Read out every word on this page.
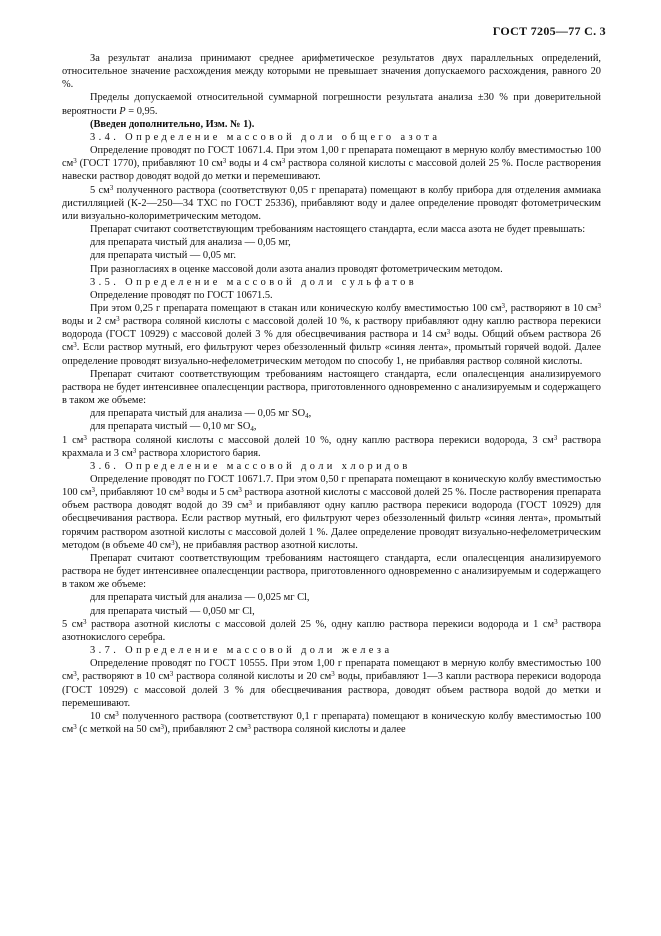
ГОСТ 7205—77 С. 3

За результат анализа принимают среднее арифметическое результатов двух параллельных определений, относительное значение расхождения между которыми не превышает значения допускаемого расхождения, равного 20 %.

Пределы допускаемой относительной суммарной погрешности результата анализа ±30 % при доверительной вероятности P = 0,95.

(Введен дополнительно, Изм. № 1).

3.4. Определение массовой доли общего азота

Определение проводят по ГОСТ 10671.4. При этом 1,00 г препарата помещают в мерную колбу вместимостью 100 $см^3$ (ГОСТ 1770), прибавляют 10 $см^3$ воды и 4 $см^3$ раствора соляной кислоты с массовой долей 25 %. После растворения навески раствор доводят водой до метки и перемешивают.

5 $см^3$ полученного раствора (соответствуют 0,05 г препарата) помещают в колбу прибора для отделения аммиака дистилляцией (К-2—250—34 ТХС по ГОСТ 25336), прибавляют воду и далее определение проводят фотометрическим или визуально-колориметрическим методом.

Препарат считают соответствующим требованиям настоящего стандарта, если масса азота не будет превышать:

для препарата чистый для анализа — 0,05 мг,

для препарата чистый — 0,05 мг.

При разногласиях в оценке массовой доли азота анализ проводят фотометрическим методом.

3.5. Определение массовой доли сульфатов

Определение проводят по ГОСТ 10671.5.

При этом 0,25 г препарата помещают в стакан или коническую колбу вместимостью 100 $см^3$, растворяют в 10 $см^3$ воды и 2 $см^3$ раствора соляной кислоты с массовой долей 10 %, к раствору прибавляют одну каплю раствора перекиси водорода (ГОСТ 10929) с массовой долей 3 % для обесцвечивания раствора и 14 $см^3$ воды. Общий объем раствора 26 $см^3$. Если раствор мутный, его фильтруют через обеззоленный фильтр «синяя лента», промытый горячей водой. Далее определение проводят визуально-нефелометрическим методом по способу 1, не прибавляя раствор соляной кислоты.

Препарат считают соответствующим требованиям настоящего стандарта, если опалесценция анализируемого раствора не будет интенсивнее опалесценции раствора, приготовленного одновременно с анализируемым и содержащего в таком же объеме:

для препарата чистый для анализа — 0,05 мг $SO_4$,

для препарата чистый — 0,10 мг $SO_4$,

1 $см^3$ раствора соляной кислоты с массовой долей 10 %, одну каплю раствора перекиси водорода, 3 $см^3$ раствора крахмала и 3 $см^3$ раствора хлористого бария.

3.6. Определение массовой доли хлоридов

Определение проводят по ГОСТ 10671.7. При этом 0,50 г препарата помещают в коническую колбу вместимостью 100 $см^3$, прибавляют 10 $см^3$ воды и 5 $см^3$ раствора азотной кислоты с массовой долей 25 %. После растворения препарата объем раствора доводят водой до 39 $см^3$ и прибавляют одну каплю раствора перекиси водорода (ГОСТ 10929) для обесцвечивания раствора. Если раствор мутный, его фильтруют через обеззоленный фильтр «синяя лента», промытый горячим раствором азотной кислоты с массовой долей 1 %. Далее определение проводят визуально-нефелометрическим методом (в объеме 40 $см^3$), не прибавляя раствор азотной кислоты.

Препарат считают соответствующим требованиям настоящего стандарта, если опалесценция анализируемого раствора не будет интенсивнее опалесценции раствора, приготовленного одновременно с анализируемым и содержащего в таком же объеме:

для препарата чистый для анализа — 0,025 мг Cl,

для препарата чистый — 0,050 мг Cl,

5 $см^3$ раствора азотной кислоты с массовой долей 25 %, одну каплю раствора перекиси водорода и 1 $см^3$ раствора азотнокислого серебра.

3.7. Определение массовой доли железа

Определение проводят по ГОСТ 10555. При этом 1,00 г препарата помещают в мерную колбу вместимостью 100 $см^3$, растворяют в 10 $см^3$ раствора соляной кислоты и 20 $см^3$ воды, прибавляют 1—3 капли раствора перекиси водорода (ГОСТ 10929) с массовой долей 3 % для обесцвечивания раствора, доводят объем раствора водой до метки и перемешивают.

10 $см^3$ полученного раствора (соответствуют 0,1 г препарата) помещают в коническую колбу вместимостью 100 $см^3$ (с меткой на 50 $см^3$), прибавляют 2 $см^3$ раствора соляной кислоты и далее
